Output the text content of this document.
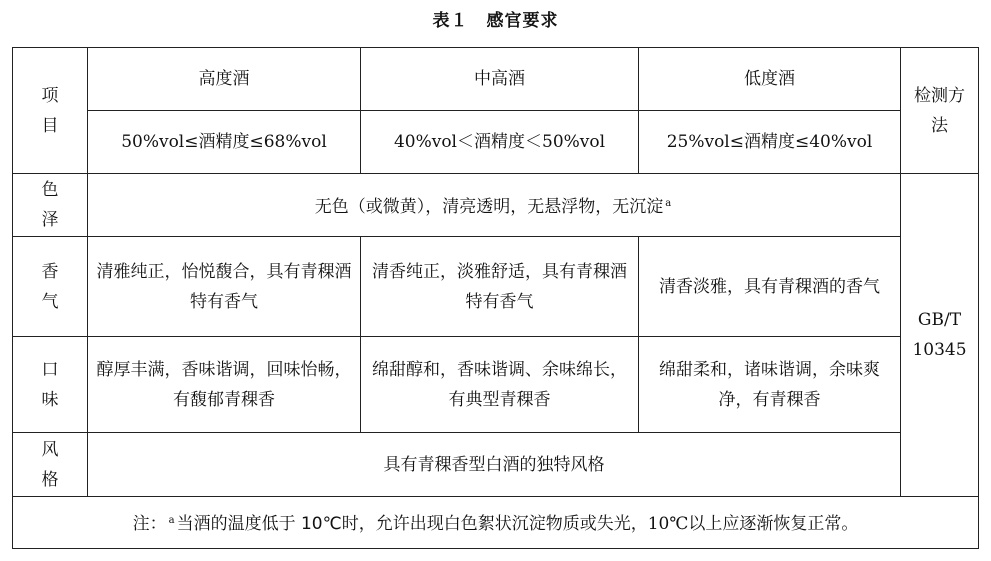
表１　感官要求
项 目	高度酒	中高酒	低度酒	检测方法
	50%vol≤酒精度≤68%vol	40%vol＜酒精度＜50%vol	25%vol≤酒精度≤40%vol	
色 泽	无色（或微黄），清亮透明，无悬浮物，无沉淀 $^a$			GB/T 10345
香 气	清雅纯正，怡悦馥合，具有青稞酒特有香气	清香纯正，淡雅舒适，具有青稞酒特有香气	清香淡雅，具有青稞酒的香气	
口 味	醇厚丰满，香味谐调，回味怡畅，有馥郁青稞香	绵甜醇和，香味谐调、余味绵长，有典型青稞香	绵甜柔和，诸味谐调，余味爽净，有青稞香	
风 格	具有青稞香型白酒的独特风格			
注： $^a$ 当酒的温度低于 10℃时，允许出现白色絮状沉淀物质或失光，10℃以上应逐渐恢复正常。				
